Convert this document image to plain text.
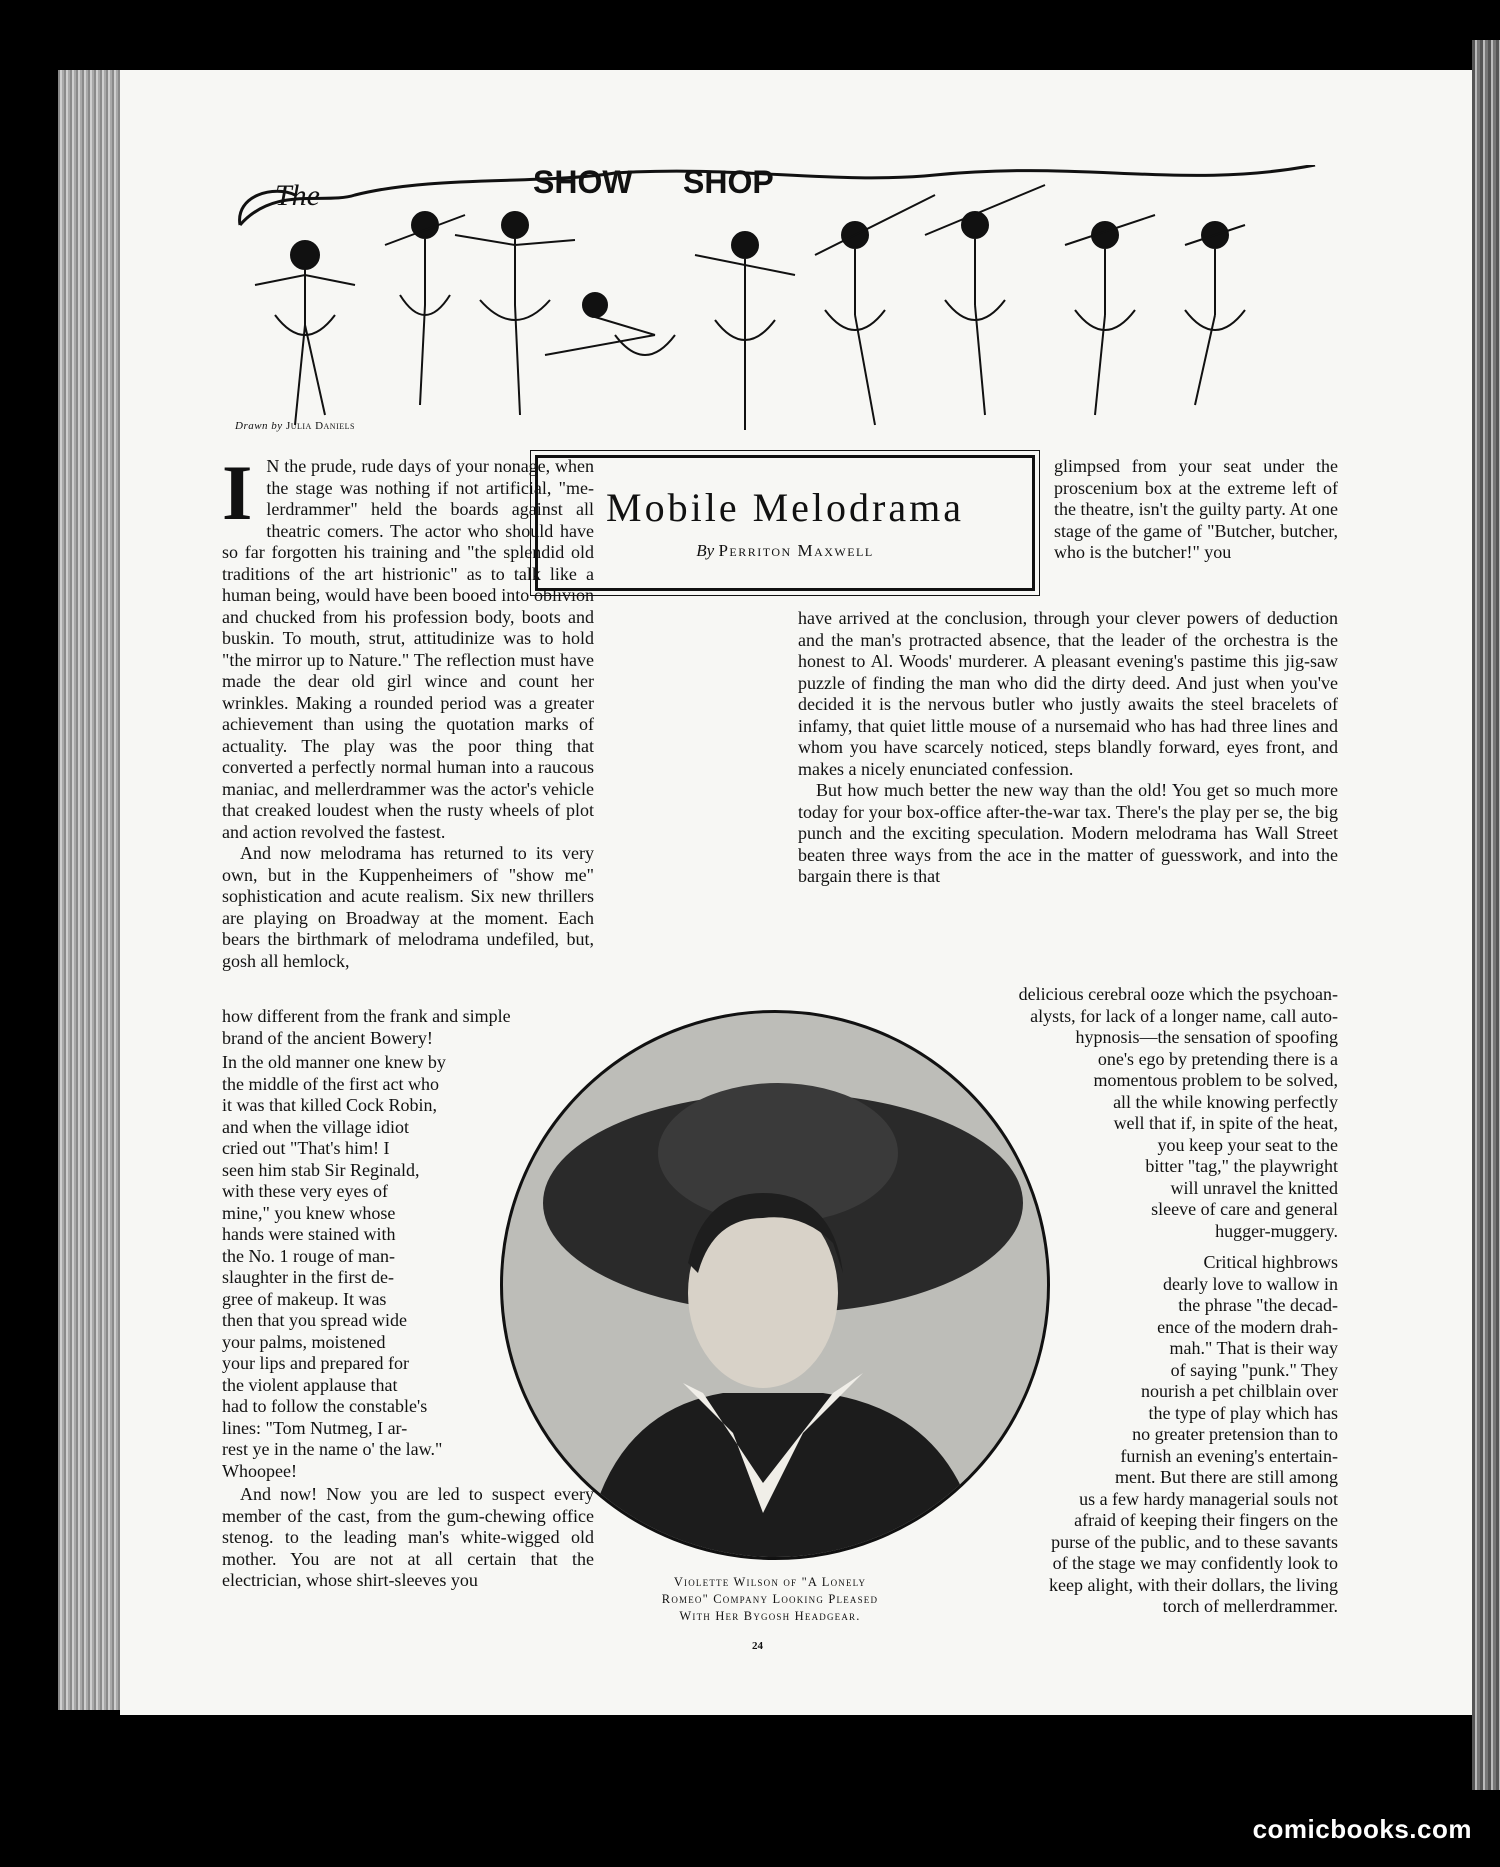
The	SHOW SHOP
Drawn by Julia Daniels
Mobile Melodrama
By Perriton Maxwell

glimpsed from your seat under the proscenium box at the extreme left of the theatre, isn't the guilty party. At one stage of the game of "Butcher, butcher, who is the butcher!" you

I N the prude, rude days of your nonage, when the stage was nothing if not artificial, "me-lerdrammer" held the boards against all theatric comers. The actor who should have so far forgotten his training and "the splendid old traditions of the art histrionic" as to talk like a human being, would have been booed into oblivion and chucked from his profession body, boots and buskin. To mouth, strut, attitudinize was to hold "the mirror up to Nature." The reflection must have made the dear old girl wince and count her wrinkles. Making a rounded period was a greater achievement than using the quotation marks of actuality. The play was the poor thing that converted a perfectly normal human into a raucous maniac, and mellerdrammer was the actor's vehicle that creaked loudest when the rusty wheels of plot and action revolved the fastest.

And now melodrama has returned to its very own, but in the Kuppenheimers of "show me" sophistication and acute realism. Six new thrillers are playing on Broadway at the moment. Each bears the birthmark of melodrama undefiled, but, gosh all hemlock,

have arrived at the conclusion, through your clever powers of deduction and the man's protracted absence, that the leader of the orchestra is the honest to Al. Woods' murderer. A pleasant evening's pastime this jig-saw puzzle of finding the man who did the dirty deed. And just when you've decided it is the nervous butler who justly awaits the steel bracelets of infamy, that quiet little mouse of a nursemaid who has had three lines and whom you have scarcely noticed, steps blandly forward, eyes front, and makes a nicely enunciated confession.

But how much better the new way than the old! You get so much more today for your box-office after-the-war tax. There's the play per se, the big punch and the exciting speculation. Modern melodrama has Wall Street beaten three ways from the ace in the matter of guesswork, and into the bargain there is that

Violette Wilson of "A Lonely
Romeo" Company Looking Pleased
With Her Bygosh Headgear.
24
comicbooks.com
how different from the frank and simple
brand of the ancient Bowery!
In the old manner one knew by
the middle of the first act who
it was that killed Cock Robin,
and when the village idiot
cried out "That's him! I
seen him stab Sir Reginald,
with these very eyes of
mine," you knew whose
hands were stained with
the No. 1 rouge of man-
slaughter in the first de-
gree of makeup. It was
then that you spread wide
your palms, moistened
your lips and prepared for
the violent applause that
had to follow the constable's
lines: "Tom Nutmeg, I ar-
rest ye in the name o' the law."
Whoopee!
And now! Now you are led to suspect every member of the cast, from the gum-chewing office stenog. to the leading man's white-wigged old mother. You are not at all certain that the electrician, whose shirt-sleeves you
delicious cerebral ooze which the psychoan-
alysts, for lack of a longer name, call auto-
hypnosis—the sensation of spoofing
one's ego by pretending there is a
momentous problem to be solved,
all the while knowing perfectly
well that if, in spite of the heat,
you keep your seat to the
bitter "tag," the playwright
will unravel the knitted
sleeve of care and general
hugger-muggery.
Critical highbrows
dearly love to wallow in
the phrase "the decad-
ence of the modern drah-
mah." That is their way
of saying "punk." They
nourish a pet chilblain over
the type of play which has
no greater pretension than to
furnish an evening's entertain-
ment. But there are still among
us a few hardy managerial souls not
afraid of keeping their fingers on the
purse of the public, and to these savants
of the stage we may confidently look to
keep alight, with their dollars, the living
torch of mellerdrammer.
